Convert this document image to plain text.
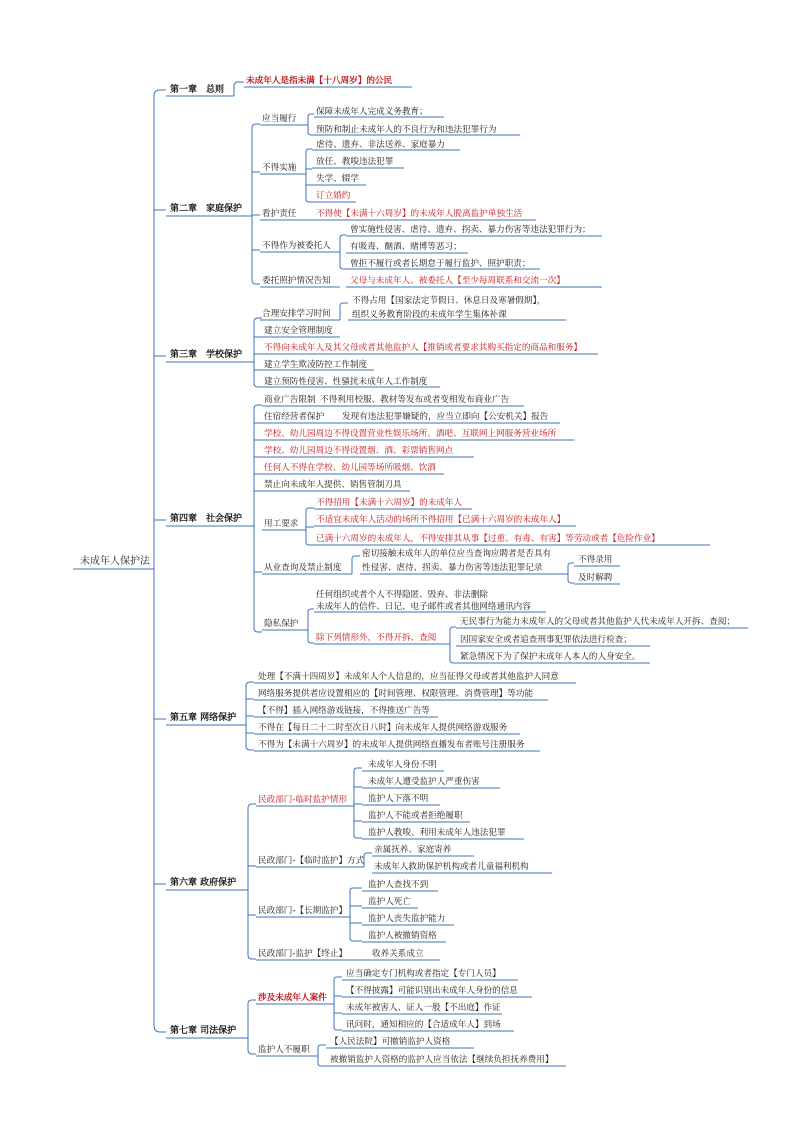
未成年人保护法
第一章　总则
未成年人是指未满【十八周岁】的公民
第二章　家庭保护
应当履行
保障未成年人完成义务教育；
预防和制止未成年人的不良行为和违法犯罪行为
不得实施
虐待、遗弃、非法送养、家庭暴力
放任、教唆违法犯罪
失学、辍学
订立婚约
看护责任 不得使【未满十六周岁】的未成年人脱离监护单独生活
不得作为被委托人
曾实施性侵害、虐待、遗弃、拐卖、暴力伤害等违法犯罪行为；
有吸毒、酗酒、赌博等恶习；
曾拒不履行或者长期怠于履行监护、照护职责；
委托照护情况告知 父母与未成年人、被委托人【至少每周联系和交流一次】
第三章　学校保护
合理安排学习时间
不得占用【国家法定节假日、休息日及寒暑假期】，
组织义务教育阶段的未成年学生集体补课
建立安全管理制度
不得向未成年人及其父母或者其他监护人【推销或者要求其购买指定的商品和服务】
建立学生欺凌防控工作制度
建立预防性侵害、性骚扰未成年人工作制度
第四章　社会保护
商业广告限制 不得利用校服、教材等发布或者变相发布商业广告
住宿经营者保护 发现有违法犯罪嫌疑的，应当立即向【公安机关】报告
学校、幼儿园周边不得设置营业性娱乐场所、酒吧、互联网上网服务营业场所
学校、幼儿园周边不得设置烟、酒、彩票销售网点
任何人不得在学校、幼儿园等场所吸烟、饮酒
禁止向未成年人提供、销售管制刀具
用工要求
不得招用【未满十六周岁】的未成年人
不适宜未成年人活动的场所不得招用【已满十六周岁的未成年人】
已满十六周岁的未成年人，不得安排其从事【过重、有毒、有害】等劳动或者【危险作业】
从业查询及禁止制度
密切接触未成年人的单位应当查询应聘者是否具有
性侵害、虐待、拐卖、暴力伤害等违法犯罪记录
不得录用
及时解聘
隐私保护
任何组织或者个人不得隐匿、毁弃、非法删除
未成年人的信件、日记、电子邮件或者其他网络通讯内容
除下列情形外，不得开拆、查阅
无民事行为能力未成年人的父母或者其他监护人代未成年人开拆、查阅；
因国家安全或者追查刑事犯罪依法进行检查；
紧急情况下为了保护未成年人本人的人身安全。
第五章 网络保护
处理【不满十四周岁】未成年人个人信息的，应当征得父母或者其他监护人同意
网络服务提供者应设置相应的【时间管理、权限管理、消费管理】等功能
【不得】插入网络游戏链接，不得推送广告等
不得在【每日二十二时至次日八时】向未成年人提供网络游戏服务
不得为【未满十六周岁】的未成年人提供网络直播发布者账号注册服务
第六章 政府保护
民政部门-临时监护情形
未成年人身份不明
未成年人遭受监护人严重伤害
监护人下落不明
监护人不能或者拒绝履职
监护人教唆、利用未成年人违法犯罪
民政部门-【临时监护】方式
亲属抚养、家庭寄养
未成年人救助保护机构或者儿童福利机构
民政部门-【长期监护】
监护人查找不到
监护人死亡
监护人丧失监护能力
监护人被撤销资格
民政部门-监护【终止】	收养关系成立
第七章 司法保护
涉及未成年人案件
应当确定专门机构或者指定【专门人员】
【不得披露】可能识别出未成年人身份的信息
未成年被害人、证人一般【不出庭】作证
讯问时，通知相应的【合适成年人】到场
监护人不履职
【人民法院】可撤销监护人资格
被撤销监护人资格的监护人应当依法【继续负担抚养费用】
